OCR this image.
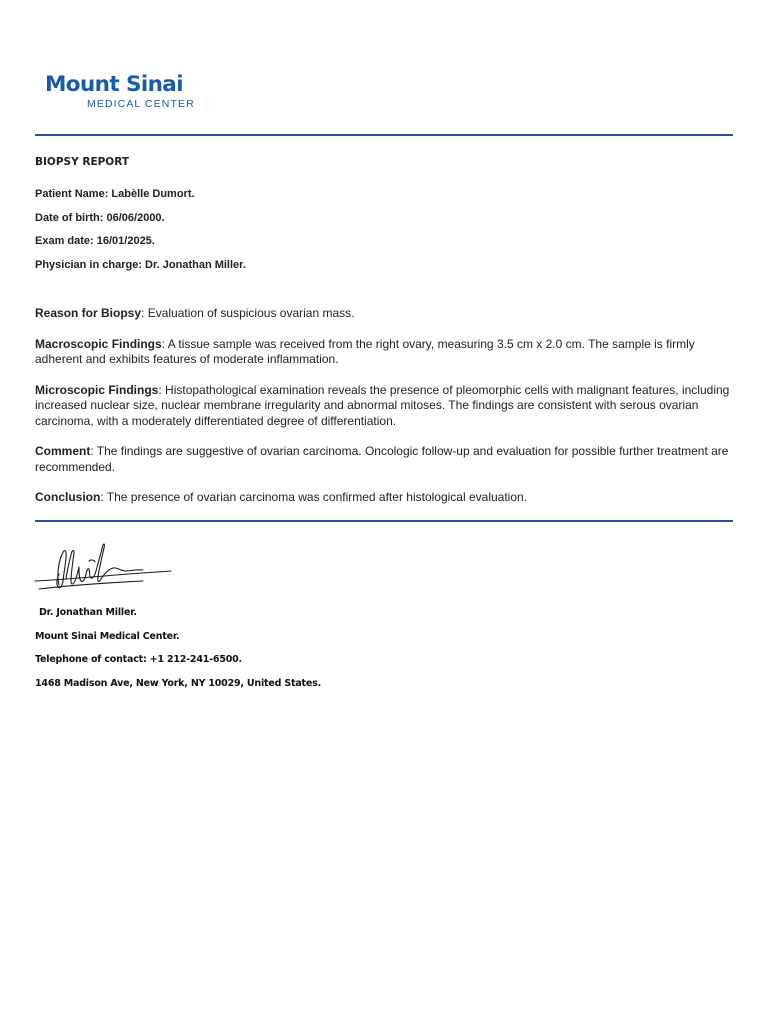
Mount Sinai
MEDICAL CENTER
BIOPSY REPORT
Patient Name: Labèlle Dumort.
Date of birth: 06/06/2000.
Exam date: 16/01/2025.
Physician in charge: Dr. Jonathan Miller.
Reason for Biopsy: Evaluation of suspicious ovarian mass.
Macroscopic Findings: A tissue sample was received from the right ovary, measuring 3.5 cm x 2.0 cm. The sample is firmly adherent and exhibits features of moderate inflammation.
Microscopic Findings: Histopathological examination reveals the presence of pleomorphic cells with malignant features, including increased nuclear size, nuclear membrane irregularity and abnormal mitoses. The findings are consistent with serous ovarian carcinoma, with a moderately differentiated degree of differentiation.
Comment: The findings are suggestive of ovarian carcinoma. Oncologic follow-up and evaluation for possible further treatment are recommended.
Conclusion: The presence of ovarian carcinoma was confirmed after histological evaluation.
Dr. Jonathan Miller.
Mount Sinai Medical Center.
Telephone of contact: +1 212-241-6500.
1468 Madison Ave, New York, NY 10029, United States.
